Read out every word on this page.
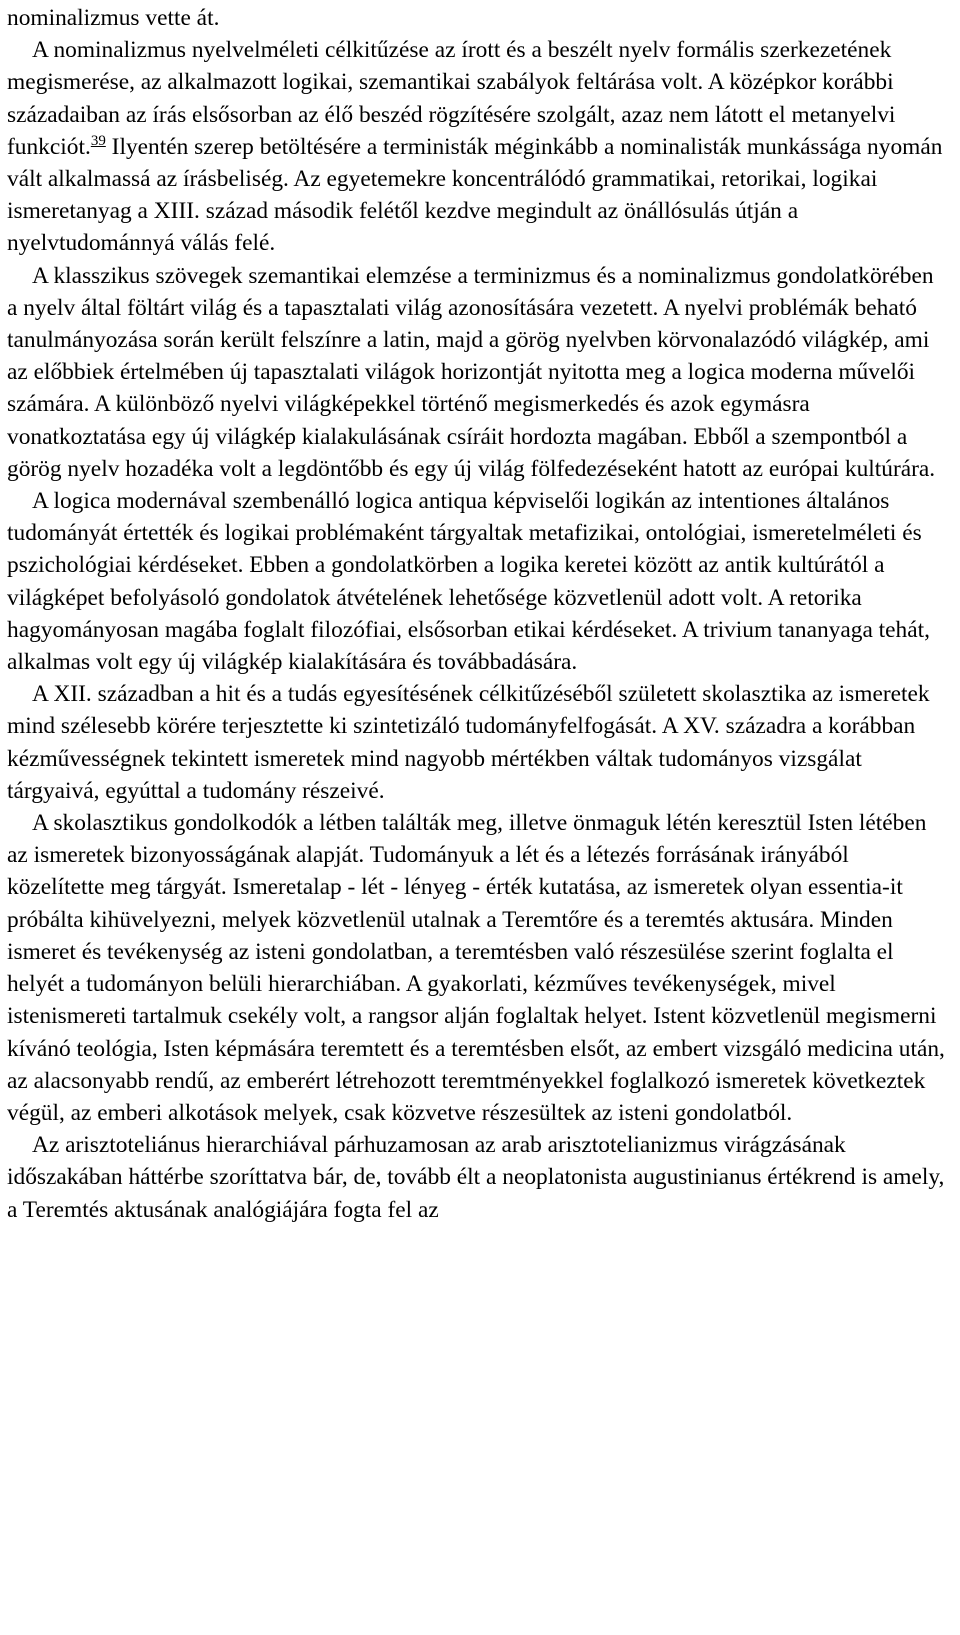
nominalizmus vette át.

A nominalizmus nyelvelméleti célkitűzése az írott és a beszélt nyelv formális szerkezetének megismerése, az alkalmazott logikai, szemantikai szabályok feltárása volt. A középkor korábbi századaiban az írás elsősorban az élő beszéd rögzítésére szolgált, azaz nem látott el metanyelvi funkciót.$^{39}$ Ilyentén szerep betöltésére a terministák méginkább a nominalisták munkássága nyomán vált alkalmassá az írásbeliség. Az egyetemekre koncentrálódó grammatikai, retorikai, logikai ismeretanyag a XIII. század második felétől kezdve megindult az önállósulás útján a nyelvtudománnyá válás felé.

A klasszikus szövegek szemantikai elemzése a terminizmus és a nominalizmus gondolatkörében a nyelv által föltárt világ és a tapasztalati világ azonosítására vezetett. A nyelvi problémák beható tanulmányozása során került felszínre a latin, majd a görög nyelvben körvonalazódó világkép, ami az előbbiek értelmében új tapasztalati világok horizontját nyitotta meg a logica moderna művelői számára. A különböző nyelvi világképekkel történő megismerkedés és azok egymásra vonatkoztatása egy új világkép kialakulásának csíráit hordozta magában. Ebből a szempontból a görög nyelv hozadéka volt a legdöntőbb és egy új világ fölfedezéseként hatott az európai kultúrára.

A logica modernával szembenálló logica antiqua képviselői logikán az intentiones általános tudományát értették és logikai problémaként tárgyaltak metafizikai, ontológiai, ismeretelméleti és pszichológiai kérdéseket. Ebben a gondolatkörben a logika keretei között az antik kultúrától a világképet befolyásoló gondolatok átvételének lehetősége közvetlenül adott volt. A retorika hagyományosan magába foglalt filozófiai, elsősorban etikai kérdéseket. A trivium tananyaga tehát, alkalmas volt egy új világkép kialakítására és továbbadására.

A XII. században a hit és a tudás egyesítésének célkitűzéséből született skolasztika az ismeretek mind szélesebb körére terjesztette ki szintetizáló tudományfelfogását. A XV. századra a korábban kézművességnek tekintett ismeretek mind nagyobb mértékben váltak tudományos vizsgálat tárgyaivá, egyúttal a tudomány részeivé.

A skolasztikus gondolkodók a létben találták meg, illetve önmaguk létén keresztül Isten létében az ismeretek bizonyosságának alapját. Tudományuk a lét és a létezés forrásának irányából közelítette meg tárgyát. Ismeretalap - lét - lényeg - érték kutatása, az ismeretek olyan essentia-it próbálta kihüvelyezni, melyek közvetlenül utalnak a Teremtőre és a teremtés aktusára. Minden ismeret és tevékenység az isteni gondolatban, a teremtésben való részesülése szerint foglalta el helyét a tudományon belüli hierarchiában. A gyakorlati, kézműves tevékenységek, mivel istenismereti tartalmuk csekély volt, a rangsor alján foglaltak helyet. Istent közvetlenül megismerni kívánó teológia, Isten képmására teremtett és a teremtésben elsőt, az embert vizsgáló medicina után, az alacsonyabb rendű, az emberért létrehozott teremtményekkel foglalkozó ismeretek következtek végül, az emberi alkotások melyek, csak közvetve részesültek az isteni gondolatból.

Az arisztoteliánus hierarchiával párhuzamosan az arab arisztotelianizmus virágzásának időszakában háttérbe szoríttatva bár, de, tovább élt a neoplatonista augustinianus értékrend is amely, a Teremtés aktusának analógiájára fogta fel az
